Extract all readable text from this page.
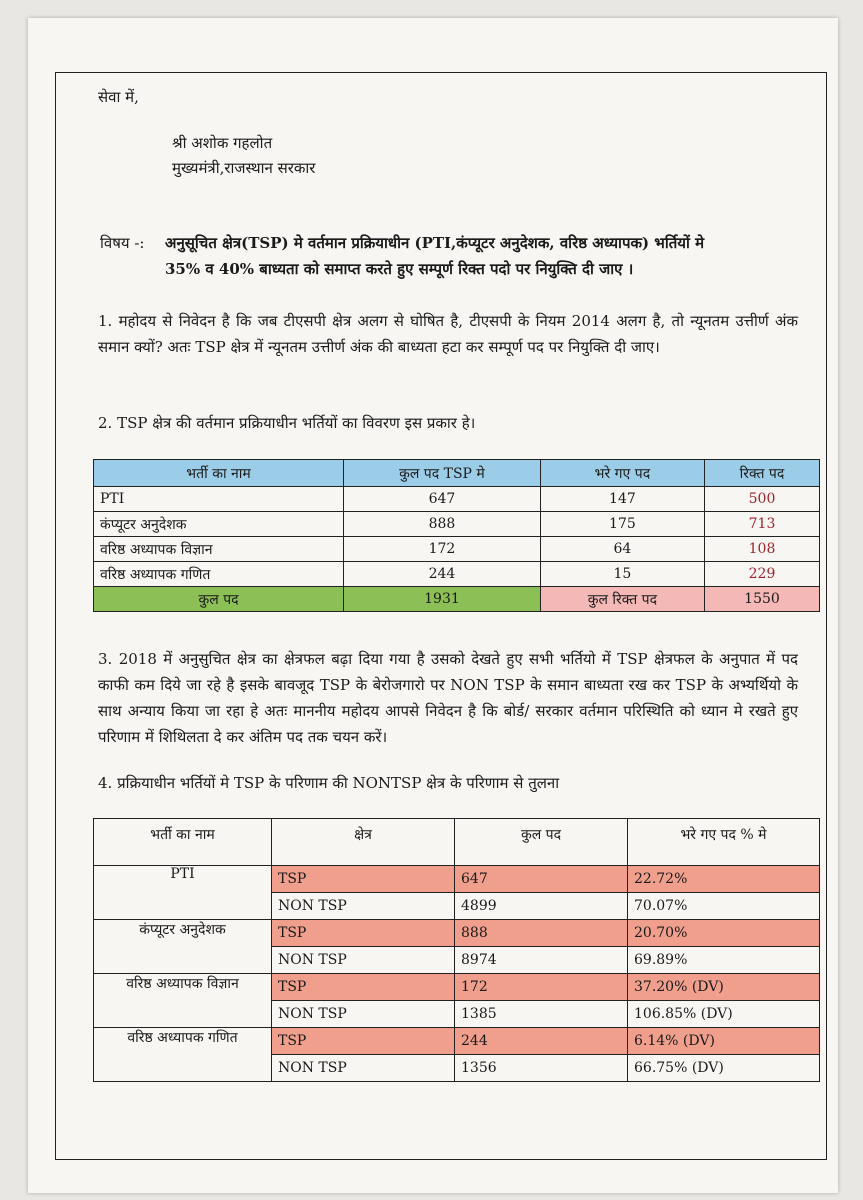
सेवा में,
श्री अशोक गहलोत
मुख्यमंत्री,राजस्थान सरकार
विषय -: अनुसूचित क्षेत्र(TSP) मे वर्तमान प्रक्रियाधीन (PTI,कंप्यूटर अनुदेशक, वरिष्ठ अध्यापक) भर्तियों मे 35% व 40% बाध्यता को समाप्त करते हुए सम्पूर्ण रिक्त पदो पर नियुक्ति दी जाए ।
1. महोदय से निवेदन है कि जब टीएसपी क्षेत्र अलग से घोषित है, टीएसपी के नियम 2014 अलग है, तो न्यूनतम उत्तीर्ण अंक समान क्यों? अतः TSP क्षेत्र में न्यूनतम उत्तीर्ण अंक की बाध्यता हटा कर सम्पूर्ण पद पर नियुक्ति दी जाए।
2. TSP क्षेत्र की वर्तमान प्रक्रियाधीन भर्तियों का विवरण इस प्रकार हे।
भर्ती का नाम	कुल पद TSP मे	भरे गए पद	रिक्त पद
PTI	647	147	500
कंप्यूटर अनुदेशक	888	175	713
वरिष्ठ अध्यापक विज्ञान	172	64	108
वरिष्ठ अध्यापक गणित	244	15	229
कुल पद	1931	कुल रिक्त पद	1550
3. 2018 में अनुसुचित क्षेत्र का क्षेत्रफल बढ़ा दिया गया है उसको देखते हुए सभी भर्तियो में TSP क्षेत्रफल के अनुपात में पद काफी कम दिये जा रहे है इसके बावजूद TSP के बेरोजगारो पर NON TSP के समान बाध्यता रख कर TSP के अभ्यर्थियो के साथ अन्याय किया जा रहा हे अतः माननीय महोदय आपसे निवेदन है कि बोर्ड/ सरकार वर्तमान परिस्थिति को ध्यान मे रखते हुए परिणाम में शिथिलता दे कर अंतिम पद तक चयन करें।
4. प्रक्रियाधीन भर्तियों मे TSP के परिणाम की NONTSP क्षेत्र के परिणाम से तुलना
भर्ती का नाम	क्षेत्र	कुल पद	भरे गए पद % मे
PTI	TSP	647	22.72%
	NON TSP	4899	70.07%
कंप्यूटर अनुदेशक	TSP	888	20.70%
	NON TSP	8974	69.89%
वरिष्ठ अध्यापक विज्ञान	TSP	172	37.20% (DV)
	NON TSP	1385	106.85% (DV)
वरिष्ठ अध्यापक गणित	TSP	244	6.14% (DV)
	NON TSP	1356	66.75% (DV)
